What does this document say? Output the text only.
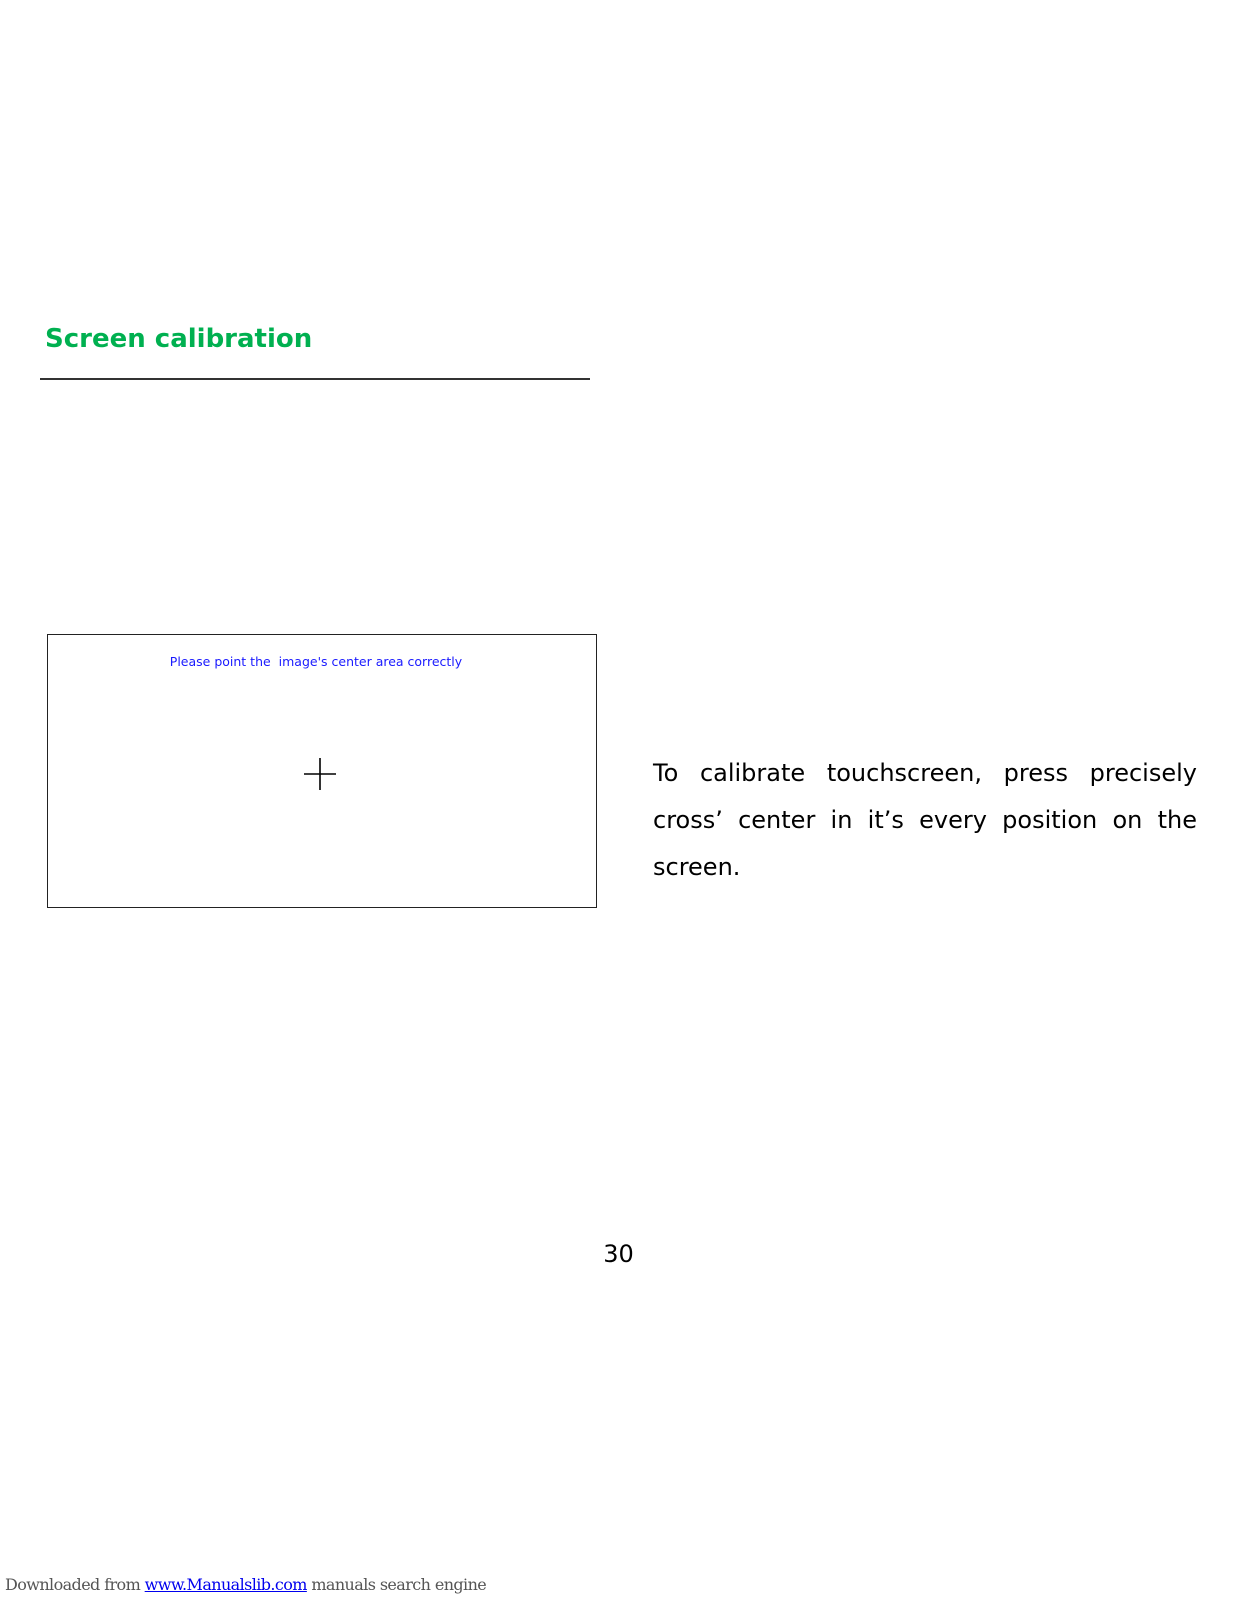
Screen calibration
Please point the  image's center area correctly

To calibrate touchscreen, press precisely cross’ center in it’s every position on the screen.

30
Downloaded from www.Manualslib.com manuals search engine
